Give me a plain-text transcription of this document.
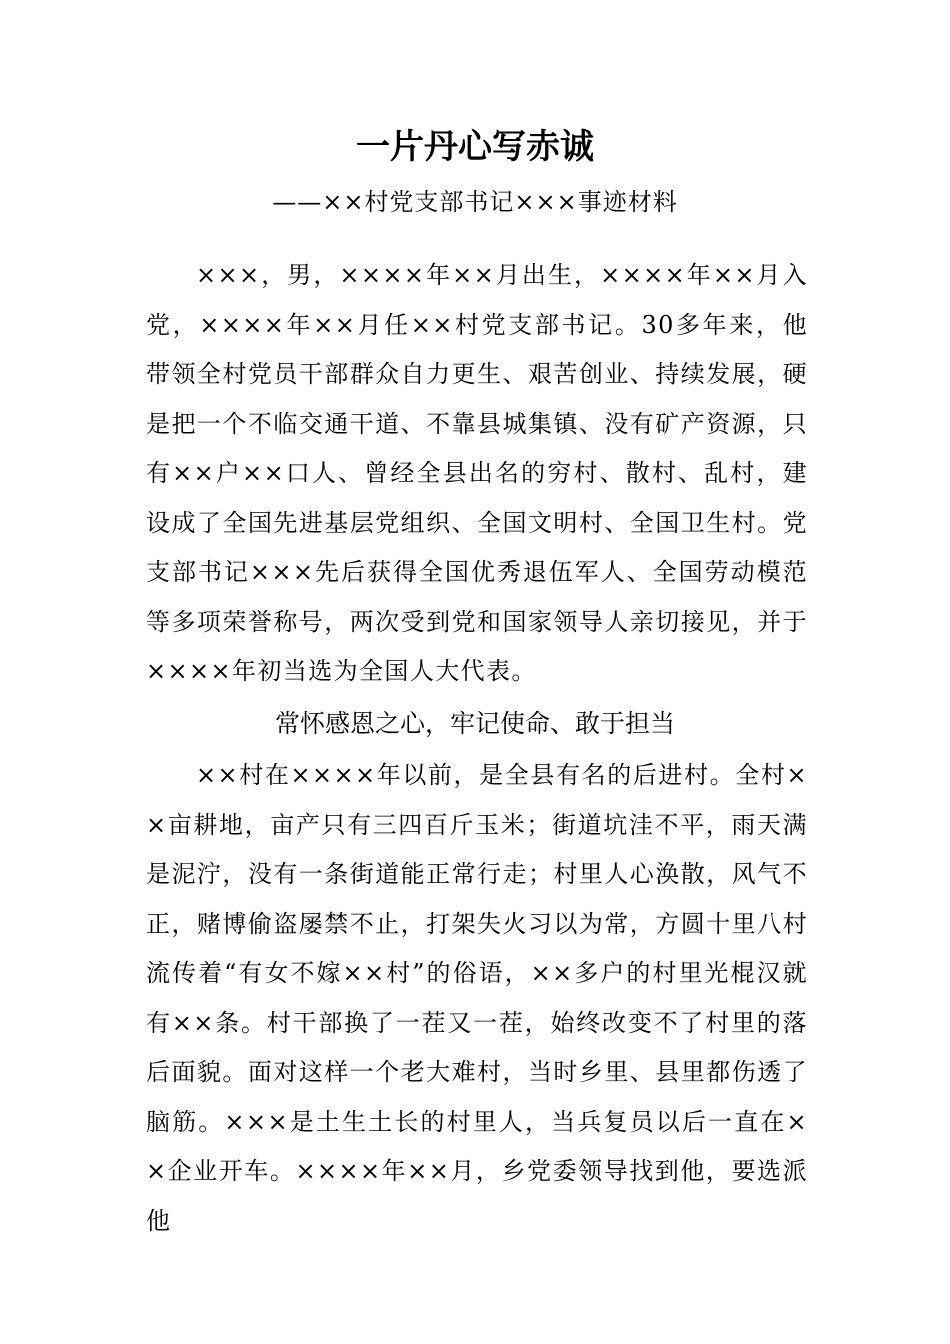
一片丹心写赤诚
——××村党支部书记×××事迹材料

×××，男，××××年××月出生，××××年××月入党，××××年××月任××村党支部书记。30多年来，他带领全村党员干部群众自力更生、艰苦创业、持续发展，硬是把一个不临交通干道、不靠县城集镇、没有矿产资源，只有××户××口人、曾经全县出名的穷村、散村、乱村，建设成了全国先进基层党组织、全国文明村、全国卫生村。党支部书记×××先后获得全国优秀退伍军人、全国劳动模范等多项荣誉称号，两次受到党和国家领导人亲切接见，并于××××年初当选为全国人大代表。

常怀感恩之心，牢记使命、敢于担当

××村在××××年以前，是全县有名的后进村。全村××亩耕地，亩产只有三四百斤玉米；街道坑洼不平，雨天满是泥泞，没有一条街道能正常行走；村里人心涣散，风气不正，赌博偷盗屡禁不止，打架失火习以为常，方圆十里八村流传着“有女不嫁××村”的俗语，××多户的村里光棍汉就有××条。村干部换了一茬又一茬，始终改变不了村里的落后面貌。面对这样一个老大难村，当时乡里、县里都伤透了脑筋。×××是土生土长的村里人，当兵复员以后一直在××企业开车。××××年××月，乡党委领导找到他，要选派他
